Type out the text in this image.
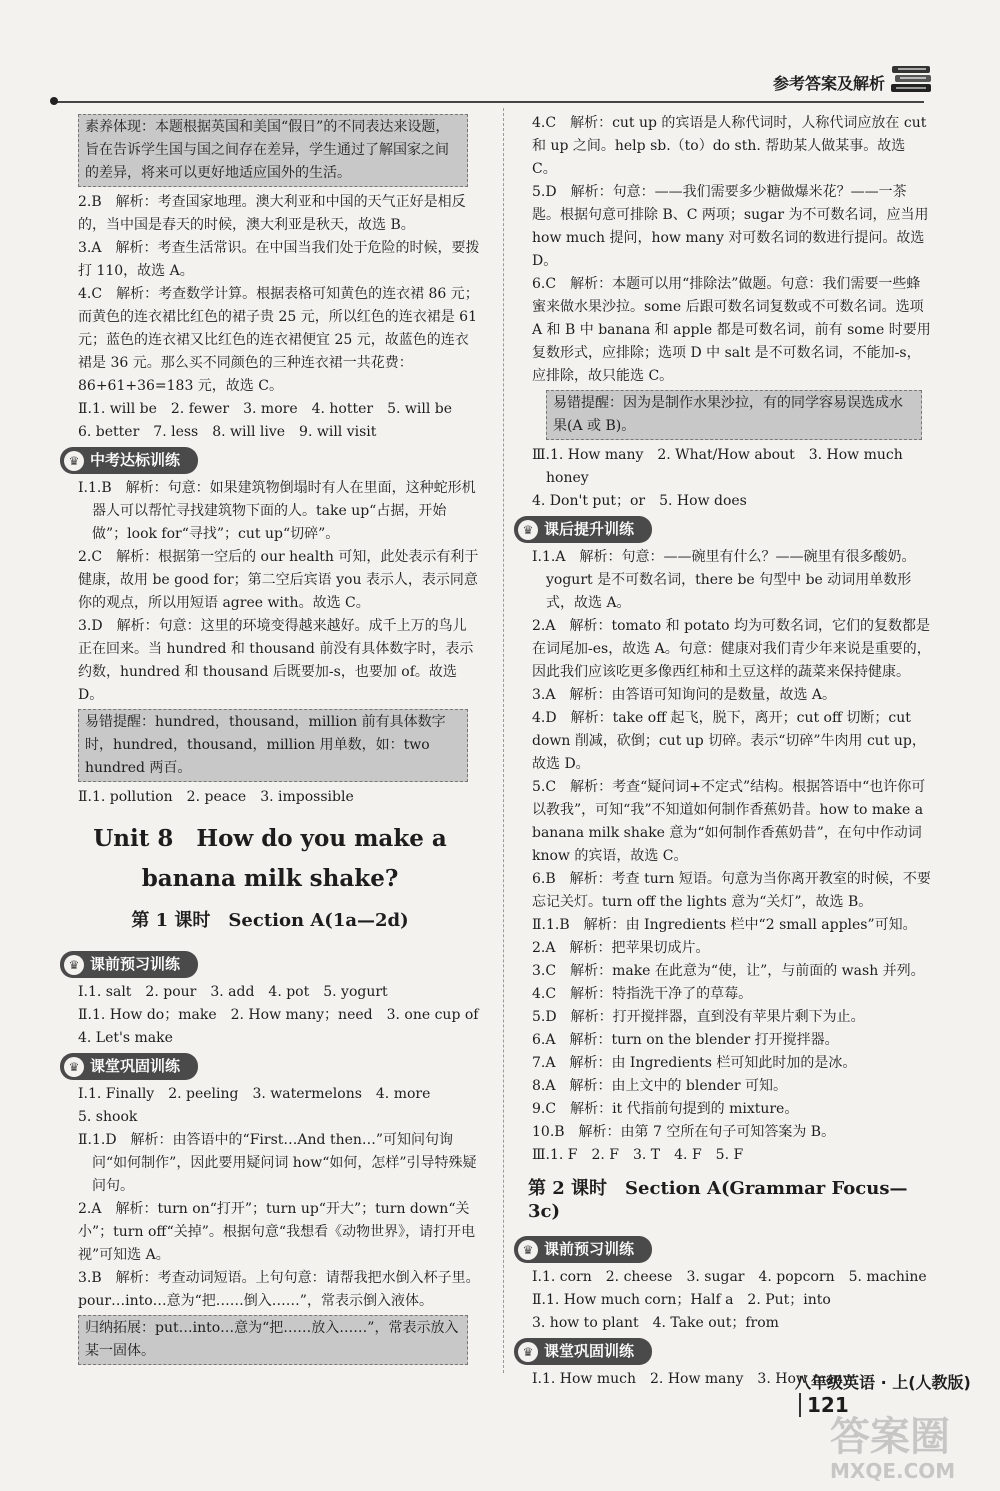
参考答案及解析
素养体现：本题根据英国和美国“假日”的不同表达来设题，旨在告诉学生国与国之间存在差异，学生通过了解国家之间的差异，将来可以更好地适应国外的生活。
2.B　解析：考查国家地理。澳大利亚和中国的天气正好是相反的，当中国是春天的时候，澳大利亚是秋天，故选 B。
3.A　解析：考查生活常识。在中国当我们处于危险的时候，要拨打 110，故选 A。
4.C　解析：考查数学计算。根据表格可知黄色的连衣裙 86 元；而黄色的连衣裙比红色的裙子贵 25 元，所以红色的连衣裙是 61 元；蓝色的连衣裙又比红色的连衣裙便宜 25 元，故蓝色的连衣裙是 36 元。那么买不同颜色的三种连衣裙一共花费：86+61+36=183 元，故选 C。
Ⅱ.1. will be　2. fewer　3. more　4. hotter　5. will be
6. better　7. less　8. will live　9. will visit
♛ 中考达标训练
Ⅰ.1.B　解析：句意：如果建筑物倒塌时有人在里面，这种蛇形机器人可以帮忙寻找建筑物下面的人。take up“占据，开始做”；look for“寻找”；cut up“切碎”。
2.C　解析：根据第一空后的 our health 可知，此处表示有利于健康，故用 be good for；第二空后宾语 you 表示人，表示同意你的观点，所以用短语 agree with。故选 C。
3.D　解析：句意：这里的环境变得越来越好。成千上万的鸟儿正在回来。当 hundred 和 thousand 前没有具体数字时，表示约数，hundred 和 thousand 后既要加-s，也要加 of。故选 D。
易错提醒：hundred，thousand，million 前有具体数字时，hundred，thousand，million 用单数，如：two hundred 两百。
Ⅱ.1. pollution　2. peace　3. impossible
Unit 8　How do you make a banana milk shake?
第 1 课时　Section A(1a—2d)
♛ 课前预习训练
Ⅰ.1. salt　2. pour　3. add　4. pot　5. yogurt
Ⅱ.1. How do；make　2. How many；need　3. one cup of
4. Let's make
♛ 课堂巩固训练
Ⅰ.1. Finally　2. peeling　3. watermelons　4. more
5. shook
Ⅱ.1.D　解析：由答语中的“First…And then…”可知问句询问“如何制作”，因此要用疑问词 how“如何，怎样”引导特殊疑问句。
2.A　解析：turn on“打开”；turn up“开大”；turn down“关小”；turn off“关掉”。根据句意“我想看《动物世界》，请打开电视”可知选 A。
3.B　解析：考查动词短语。上句句意：请帮我把水倒入杯子里。pour…into…意为“把……倒入……”，常表示倒入液体。
归纳拓展：put…into…意为“把……放入……”，常表示放入某一固体。
4.C　解析：cut up 的宾语是人称代词时，人称代词应放在 cut 和 up 之间。help sb.（to）do sth. 帮助某人做某事。故选 C。
5.D　解析：句意：——我们需要多少糖做爆米花？——一茶匙。根据句意可排除 B、C 两项；sugar 为不可数名词，应当用 how much 提问，how many 对可数名词的数进行提问。故选 D。
6.C　解析：本题可以用“排除法”做题。句意：我们需要一些蜂蜜来做水果沙拉。some 后跟可数名词复数或不可数名词。选项 A 和 B 中 banana 和 apple 都是可数名词，前有 some 时要用复数形式，应排除；选项 D 中 salt 是不可数名词，不能加-s，应排除，故只能选 C。
易错提醒：因为是制作水果沙拉，有的同学容易误选成水果(A 或 B)。
Ⅲ.1. How many　2. What/How about　3. How much honey
4. Don't put；or　5. How does
♛ 课后提升训练
Ⅰ.1.A　解析：句意：——碗里有什么？——碗里有很多酸奶。yogurt 是不可数名词，there be 句型中 be 动词用单数形式，故选 A。
2.A　解析：tomato 和 potato 均为可数名词，它们的复数都是在词尾加-es，故选 A。句意：健康对我们青少年来说是重要的，因此我们应该吃更多像西红柿和土豆这样的蔬菜来保持健康。
3.A　解析：由答语可知询问的是数量，故选 A。
4.D　解析：take off 起飞，脱下，离开；cut off 切断；cut down 削减，砍倒；cut up 切碎。表示“切碎”牛肉用 cut up，故选 D。
5.C　解析：考查“疑问词+不定式”结构。根据答语中“也许你可以教我”，可知“我”不知道如何制作香蕉奶昔。how to make a banana milk shake 意为“如何制作香蕉奶昔”，在句中作动词 know 的宾语，故选 C。
6.B　解析：考查 turn 短语。句意为当你离开教室的时候，不要忘记关灯。turn off the lights 意为“关灯”，故选 B。
Ⅱ.1.B　解析：由 Ingredients 栏中“2 small apples”可知。
2.A　解析：把苹果切成片。
3.C　解析：make 在此意为“使，让”，与前面的 wash 并列。
4.C　解析：特指洗干净了的草莓。
5.D　解析：打开搅拌器，直到没有苹果片剩下为止。
6.A　解析：turn on the blender 打开搅拌器。
7.A　解析：由 Ingredients 栏可知此时加的是冰。
8.A　解析：由上文中的 blender 可知。
9.C　解析：it 代指前句提到的 mixture。
10.B　解析：由第 7 空所在句子可知答案为 B。
Ⅲ.1. F　2. F　3. T　4. F　5. F
第 2 课时　Section A(Grammar Focus—3c)
♛ 课前预习训练
Ⅰ.1. corn　2. cheese　3. sugar　4. popcorn　5. machine
Ⅱ.1. How much corn；Half a　2. Put；into
3. how to plant　4. Take out；from
♛ 课堂巩固训练
Ⅰ.1. How much　2. How many　3. How many
八年级英语 · 上(人教版) 121
答案圈
MXQE.COM
